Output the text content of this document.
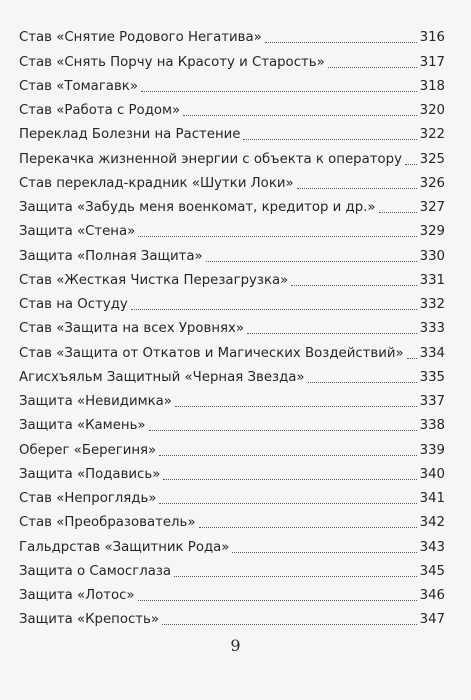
Став «Снятие Родового Негатива»	316
Став «Снять Порчу на Красоту и Старость»	317
Став «Томагавк»	318
Став «Работа с Родом»	320
Переклад Болезни на Растение	322
Перекачка жизненной энергии с объекта к оператору 325
Став переклад-крадник «Шутки Локи»	326
Защита «Забудь меня военкомат, кредитор и др.»	327
Защита «Стена»	329
Защита «Полная Защита»	330
Став «Жесткая Чистка Перезагрузка»	331
Став на Остуду	332
Став «Защита на всех Уровнях»	333
Став «Защита от Откатов и Магических Воздействий» 334
Агисхъяльм Защитный «Черная Звезда»	335
Защита «Невидимка»	337
Защита «Камень»	338
Оберег «Берегиня»	339
Защита «Подавись»	340
Став «Непроглядь»	341
Став «Преобразователь»	342
Гальдрстав «Защитник Рода»	343
Защита о Самосглаза	345
Защита «Лотос»	346
Защита «Крепость»	347
9
